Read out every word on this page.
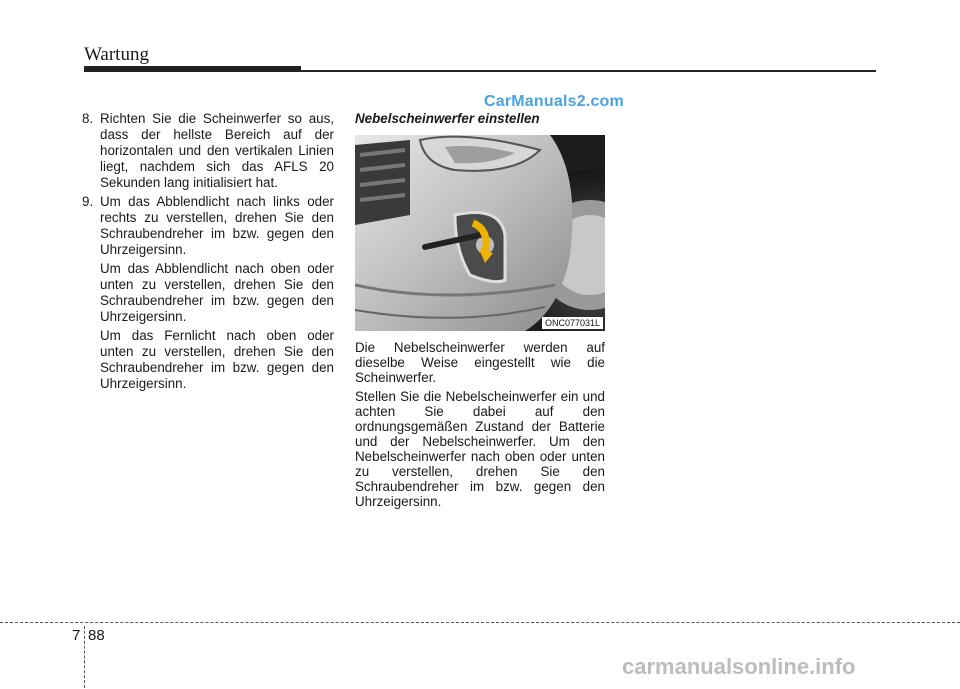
Wartung
CarManuals2.com
8. Richten Sie die Scheinwerfer so aus, dass der hellste Bereich auf der horizontalen und den vertikalen Linien liegt, nachdem sich das AFLS 20 Sekunden lang initialisiert hat.
9. Um das Abblendlicht nach links oder rechts zu verstellen, drehen Sie den Schraubendreher im bzw. gegen den Uhrzeigersinn.

Um das Abblendlicht nach oben oder unten zu verstellen, drehen Sie den Schraubendreher im bzw. gegen den Uhrzeigersinn.

Um das Fernlicht nach oben oder unten zu verstellen, drehen Sie den Schraubendreher im bzw. gegen den Uhrzeigersinn.

Nebelscheinwerfer einstellen
ONC077031L

Die Nebelscheinwerfer werden auf dieselbe Weise eingestellt wie die Scheinwerfer.

Stellen Sie die Nebelscheinwerfer ein und achten Sie dabei auf den ordnungsgemäßen Zustand der Batterie und der Nebelscheinwerfer. Um den Nebelscheinwerfer nach oben oder unten zu verstellen, drehen Sie den Schraubendreher im bzw. gegen den Uhrzeigersinn.

7 88
carmanualsonline.info
